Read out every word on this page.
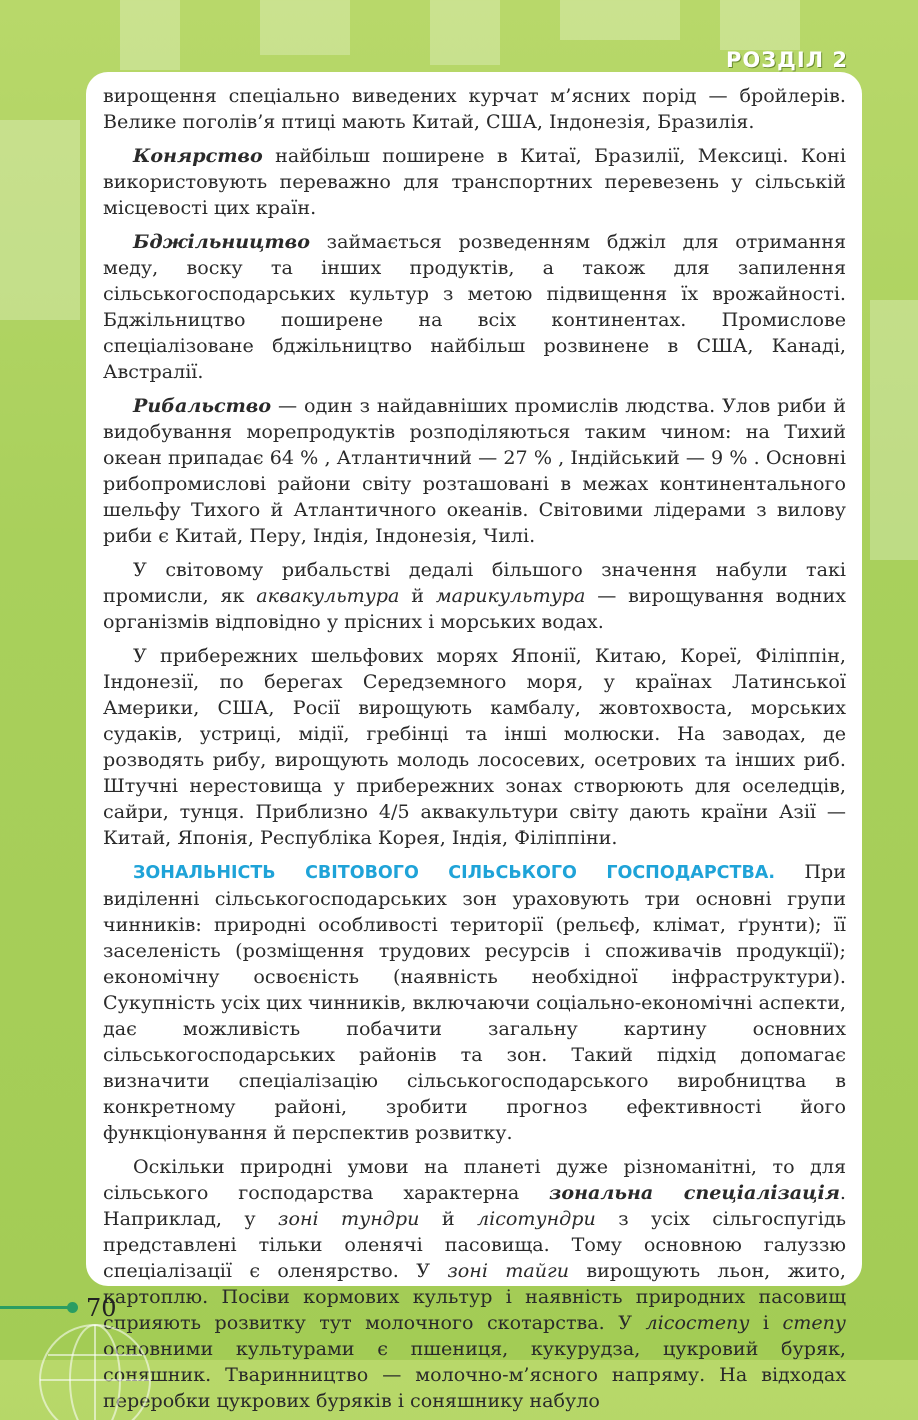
РОЗДІЛ 2

вирощення спеціально виведених курчат м’ясних порід — бройлерів. Велике поголів’я птиці мають Китай, США, Індонезія, Бразилія.

Конярство найбільш поширене в Китаї, Бразилії, Мексиці. Коні використовують переважно для транспортних перевезень у сільській місцевості цих країн.

Бджільництво займається розведенням бджіл для отримання меду, воску та інших продуктів, а також для запилення сільськогосподарських культур з метою підвищення їх врожайності. Бджільництво поширене на всіх континентах. Промислове спеціалізоване бджільництво найбільш розвинене в США, Канаді, Австралії.

Рибальство — один з найдавніших промислів людства. Улов риби й видобування морепродуктів розподіляються таким чином: на Тихий океан припадає 64 % , Атлантичний — 27 % , Індійський — 9 % . Основні рибопромислові райони світу розташовані в межах континентального шельфу Тихого й Атлантичного океанів. Світовими лідерами з вилову риби є Китай, Перу, Індія, Індонезія, Чилі.

У світовому рибальстві дедалі більшого значення набули такі промисли, як аквакультура й марикультура — вирощування водних організмів відповідно у прісних і морських водах.

У прибережних шельфових морях Японії, Китаю, Кореї, Філіппін, Індонезії, по берегах Середземного моря, у країнах Латинської Америки, США, Росії вирощують камбалу, жовтохвоста, морських судаків, устриці, мідії, гребінці та інші молюски. На заводах, де розводять рибу, вирощують молодь лососевих, осетрових та інших риб. Штучні нерестовища у прибережних зонах створюють для оселедців, сайри, тунця. Приблизно 4/5 аквакультури світу дають країни Азії — Китай, Японія, Республіка Корея, Індія, Філіппіни.

ЗОНАЛЬНІСТЬ СВІТОВОГО СІЛЬСЬКОГО ГОСПОДАРСТВА. При виділенні сільськогосподарських зон ураховують три основні групи чинників: природні особливості території (рельєф, клімат, ґрунти); її заселеність (розміщення трудових ресурсів і споживачів продукції); економічну освоєність (наявність необхідної інфраструктури). Сукупність усіх цих чинників, включаючи соціально-економічні аспекти, дає можливість побачити загальну картину основних сільськогосподарських районів та зон. Такий підхід допомагає визначити спеціалізацію сільськогосподарського виробництва в конкретному районі, зробити прогноз ефективності його функціонування й перспектив розвитку.

Оскільки природні умови на планеті дуже різноманітні, то для сільського господарства характерна зональна спеціалізація. Наприклад, у зоні тундри й лісотундри з усіх сільгоспугідь представлені тільки оленячі пасовища. Тому основною галуззю спеціалізації є оленярство. У зоні тайги вирощують льон, жито, картоплю. Посіви кормових культур і наявність природних пасовищ сприяють розвитку тут молочного скотарства. У лісостепу і степу основними культурами є пшениця, кукурудза, цукровий буряк, соняшник. Тваринництво — молочно-м’ясного напряму. На відходах переробки цукрових буряків і соняшнику набуло

70
